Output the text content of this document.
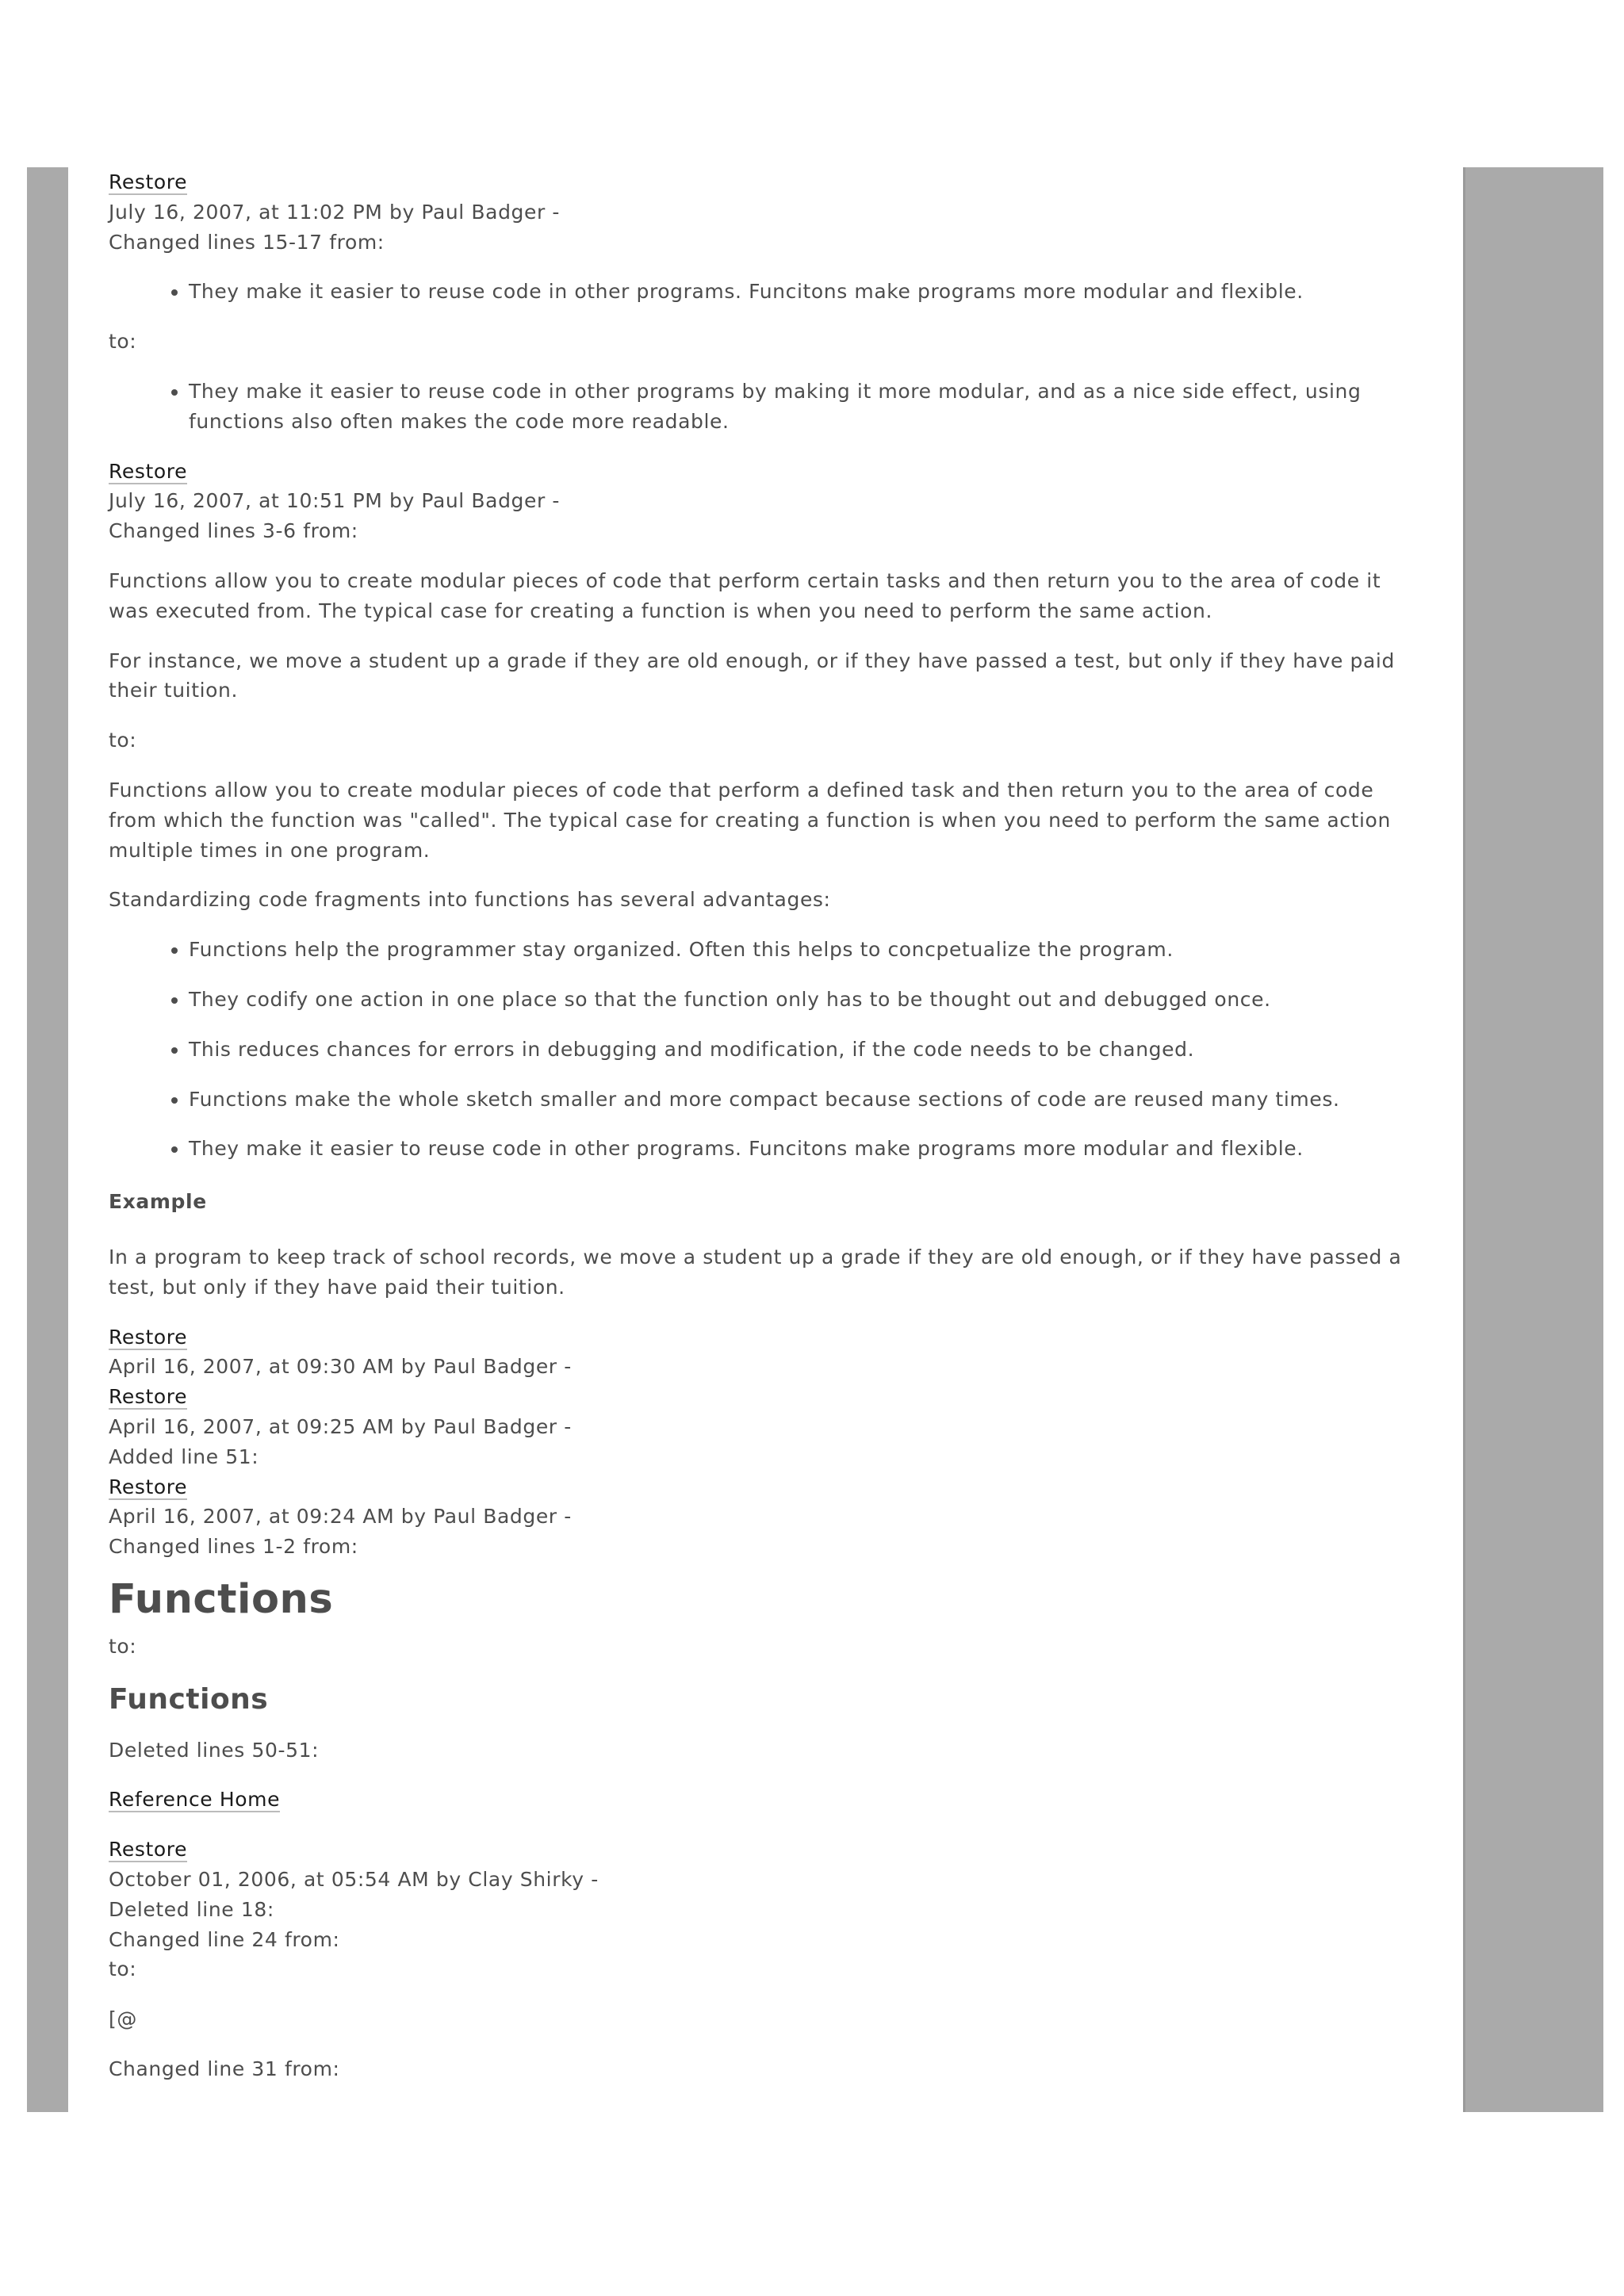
Restore

July 16, 2007, at 11:02 PM by Paul Badger -

Changed lines 15-17 from:

• They make it easier to reuse code in other programs. Funcitons make programs more modular and flexible.

to:

• They make it easier to reuse code in other programs by making it more modular, and as a nice side effect, using functions also often makes the code more readable.

Restore

July 16, 2007, at 10:51 PM by Paul Badger -

Changed lines 3-6 from:

Functions allow you to create modular pieces of code that perform certain tasks and then return you to the area of code it was executed from. The typical case for creating a function is when you need to perform the same action.

For instance, we move a student up a grade if they are old enough, or if they have passed a test, but only if they have paid their tuition.

to:

Functions allow you to create modular pieces of code that perform a defined task and then return you to the area of code from which the function was "called". The typical case for creating a function is when you need to perform the same action multiple times in one program.

Standardizing code fragments into functions has several advantages:

• Functions help the programmer stay organized. Often this helps to concpetualize the program.
• They codify one action in one place so that the function only has to be thought out and debugged once.
• This reduces chances for errors in debugging and modification, if the code needs to be changed.
• Functions make the whole sketch smaller and more compact because sections of code are reused many times.
• They make it easier to reuse code in other programs. Funcitons make programs more modular and flexible.

Example

In a program to keep track of school records, we move a student up a grade if they are old enough, or if they have passed a test, but only if they have paid their tuition.

Restore

April 16, 2007, at 09:30 AM by Paul Badger -

Restore

April 16, 2007, at 09:25 AM by Paul Badger -

Added line 51:

Restore

April 16, 2007, at 09:24 AM by Paul Badger -

Changed lines 1-2 from:

Functions

to:

Functions

Deleted lines 50-51:

Reference Home

Restore

October 01, 2006, at 05:54 AM by Clay Shirky -

Deleted line 18:

Changed line 24 from:

to:

[@

Changed line 31 from:
